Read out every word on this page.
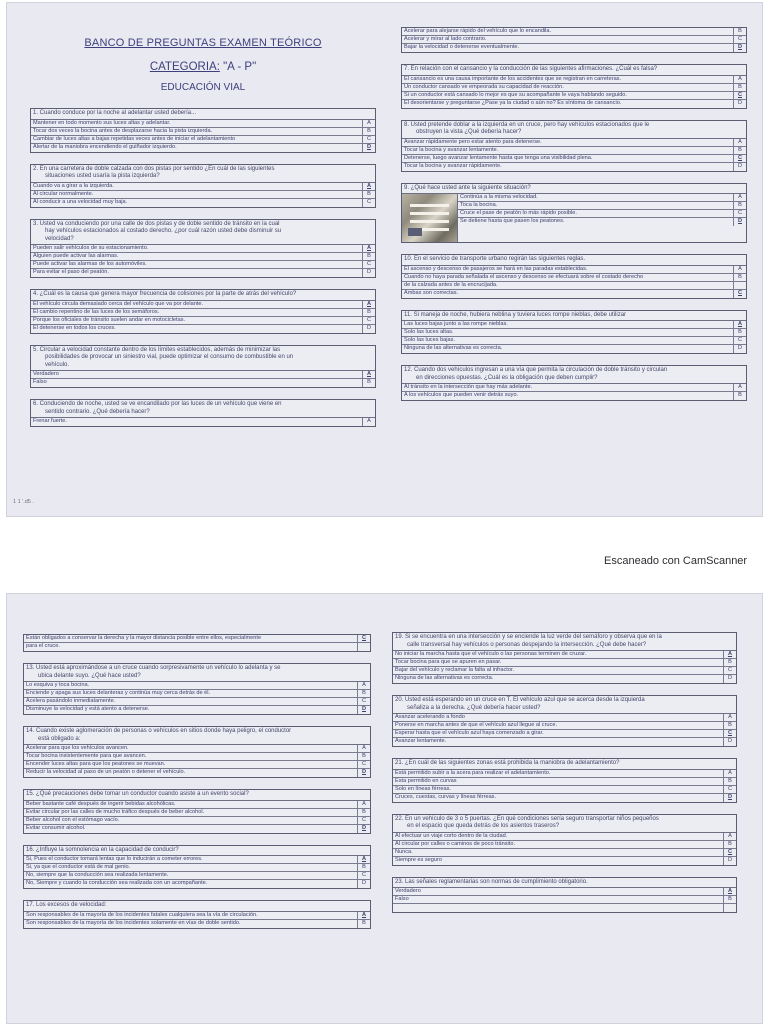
BANCO DE PREGUNTAS EXAMEN TEÓRICO
CATEGORIA: "A - P"
EDUCACIÓN VIAL
1. Cuando conduce por la noche al adelantar usted debería...
Mantener en todo momento sus luces altas y adelantar.	A
Tocar dos veces la bocina antes de desplazarse hacia la pista izquierda.	B
Cambiar de luces altas a bajas repetidas veces antes de iniciar el adelantamiento	C
Alertar de la maniobra encendiendo el guiñador izquierdo.	D
2. En una carretera de doble calzada con dos pistas por sentido ¿En cuál de las siguientes
situaciones usted usaría la pista izquierda?
Cuando va a girar a la izquierda.	A
Al circular normalmente.	B
Al conducir a una velocidad muy baja.	C
3. Usted va conduciendo por una calle de dos pistas y de doble sentido de tránsito en la cual
hay vehículos estacionados al costado derecho. ¿por cuál razón usted debe disminuir su
velocidad?
Pueden salir vehículos de su estacionamiento.	A
Alguien puede activar las alarmas.	B
Puede activar las alarmas de los automóviles.	C
Para evitar el paso del peatón.	D
4. ¿Cuál es la causa que genera mayor frecuencia de colisiones por la parte de atrás del vehículo?
El vehículo circula demasiado cerca del vehículo que va por delante.	A
El cambio repentino de las luces de los semáforos.	B
Porque los oficiales de tránsito suelen andar en motocicletas.	C
El detenerse en todos los cruces.	D
5. Circular a velocidad constante dentro de los límites establecidos, además de minimizar las
posibilidades de provocar un siniestro vial, puede optimizar el consumo de combustible en un
vehículo.
Verdadero	A
Falso	B
6. Conduciendo de noche, usted se ve encandilado por las luces de un vehículo que viene en
sentido contrario. ¿Qué debería hacer?
Frenar fuerte.	A
Acelerar para alejarse rápido del vehículo que lo encandila.	B
Acelerar y mirar al lado contrario.	C
Bajar la velocidad o detenerse eventualmente.	D
7. En relación con el cansancio y la conducción de las siguientes afirmaciones. ¿Cuál es falsa?
El cansancio es una causa importante de los accidentes que se registran en carreteras.	A
Un conductor cansado ve empeorada su capacidad de reacción.	B
Si un conductor está cansado lo mejor es que su acompañante le vaya hablando seguido.	C
El desorientarse y preguntarse ¿Pase ya la ciudad o aún no? Es síntoma de cansancio.	D
8. Usted pretende doblar a la izquierda en un cruce, pero hay vehículos estacionados que le
obstruyen la vista ¿Qué debería hacer?
Avanzar rápidamente pero estar atento para detenerse.	A
Tocar la bocina y avanzar lentamente.	B
Detenerse, luego avanzar lentamente hasta que tenga una visibilidad plena.	C
Tocar la bocina y avanzar rápidamente.	D
9. ¿Qué hace usted ante la siguiente situación?
Continúa a la misma velocidad.	A
Toca la bocina.	B
Cruce el pase de peatón lo más rápido posible.	C
Se detiene hasta que pasen los peatones.	D
10. En el servicio de transporte urbano regirán las siguientes reglas.
El ascenso y descenso de pasajeros se hará en las paradas establecidas.	A
Cuando no haya parada señalada el ascenso y descenso se efectuará sobre el costado derecho	B
de la calzada antes de la encrucijada.
Ambas son correctas.	C
11. Si maneja de noche, hubiera neblina y tuviera luces rompe nieblas, debe utilizar
Las luces bajas junto a las rompe nieblas.	A
Solo las luces altas.	B
Solo las luces bajas.	C
Ninguna de las alternativas es correcta.	D
12. Cuando dos vehículos ingresan a una vía que permita la circulación de doble tránsito y circulan
en direcciones opuestas. ¿Cuál es la obligación que deben cumplir?
Al tránsito en la intersección que hay más adelante.	A
A los vehículos que pueden venir detrás suyo.	B
1 1 '.d5 .
Escaneado con CamScanner
Están obligados a conservar la derecha y la mayor distancia posible entre ellos, especialmente	C
para el cruce.
13. Usted está aproximándose a un cruce cuando sorpresivamente un vehículo lo adelanta y se
ubica delante suyo. ¿Qué hace usted?
Lo esquiva y toca bocina.	A
Enciende y apaga sus luces delanteras y continúa muy cerca detrás de él.	B
Acelera pasándolo inmediatamente.	C
Disminuye la velocidad y está atento a detenerse.	D
14. Cuando existe aglomeración de personas o vehículos en sitios donde haya peligro, el conductor
está obligado a:
Acelerar para que los vehículos avancen.	A
Tocar bocina insistentemente para que avancen.	B
Encender luces altas para que los peatones se muevan.	C
Reducir la velocidad al paso de un peatón o detener el vehículo.	D
15. ¿Qué precauciones debe tomar un conductor cuando asiste a un evento social?
Beber bastante café después de ingerir bebidas alcohólicas.	A
Evitar circular por las calles de mucho tráfico después de beber alcohol.	B
Beber alcohol con el estómago vacío.	C
Evitar consumir alcohol.	D
16. ¿Influye la somnolencia en la capacidad de conducir?
Si, Pues el conductor tomará lentas que lo inducirán a cometer errores.	A
Si, ya que el conductor está de mal genio.	B
No, siempre que la conducción sea realizada lentamente.	C
No, Siempre y cuando la conducción sea realizada con un acompañante.	D
17. Los excesos de velocidad:
Son responsables de la mayoría de los incidentes fatales cualquiera sea la vía de circulación.	A
Son responsables de la mayoría de los incidentes solamente en vías de doble sentido.	B
19. Si se encuentra en una intersección y se enciende la luz verde del semáforo y observa que en la
calle transversal hay vehículos o personas despejando la intersección. ¿Qué debe hacer?
No iniciar la marcha hasta que el vehículo o las personas terminen de cruzar.	A
Tocar bocina para que se apuren en pasar.	B
Bajar del vehículo y reclamar la falta al infractor.	C
Ninguna de las alternativas es correcta.	D
20. Usted está esperando en un cruce en T. El vehículo azul que se acerca desde la izquierda
señaliza a la derecha. ¿Qué debería hacer usted?
Avanzar acelerando a fondo	A
Ponerse en marcha antes de que el vehículo azul llegue al cruce.	B
Esperar hasta que el vehículo azul haya comenzado a girar.	C
Avanzar lentamente.	D
21. ¿En cuál de las siguientes zonas está prohibida la maniobra de adelantamiento?
Está permitido subir a la acera para realizar el adelantamiento.	A
Esta permitido en curvas	B
Solo en líneas férreas.	C
Cruces, cuestas, curvas y líneas férreas.	D
22. En un vehículo de 3 o 5 puertas. ¿En qué condiciones sería seguro transportar niños pequeños
en el espacio que queda detrás de los asientos traseros?
Al efectuar un viaje corto dentro de la ciudad.	A
Al circular por calles o caminos de poco tránsito.	B
Nunca.	C
Siempre es seguro	D
23. Las señales reglamentarias son normas de cumplimiento obligatorio.
Verdadero	A
Falso	B
